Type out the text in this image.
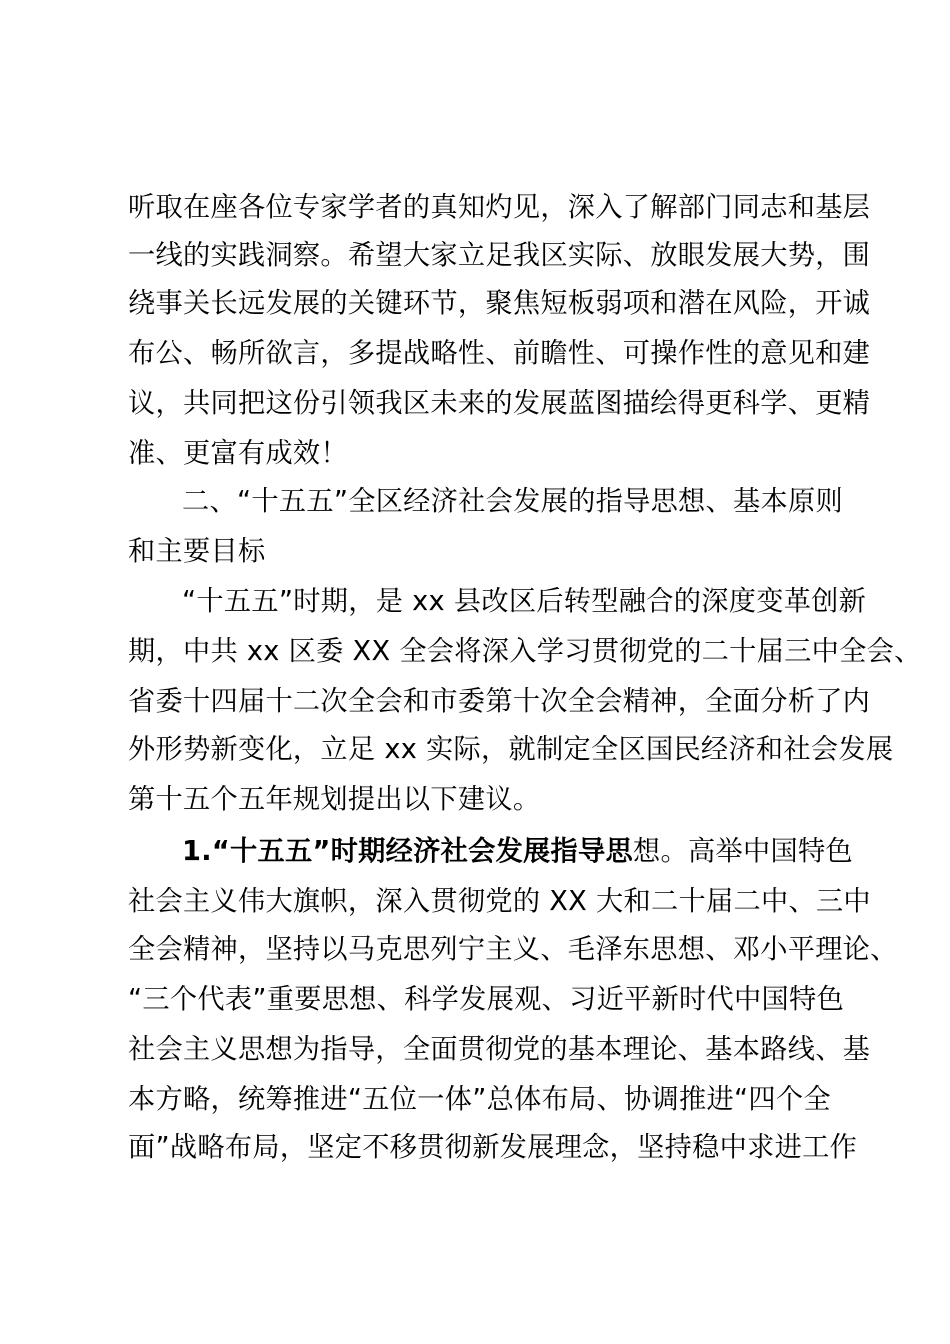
听取在座各位专家学者的真知灼见，深入了解部门同志和基层
一线的实践洞察。希望大家立足我区实际、放眼发展大势，围
绕事关长远发展的关键环节，聚焦短板弱项和潜在风险，开诚
布公、畅所欲言，多提战略性、前瞻性、可操作性的意见和建
议，共同把这份引领我区未来的发展蓝图描绘得更科学、更精
准、更富有成效！
二、“十五五”全区经济社会发展的指导思想、基本原则
和主要目标
“十五五”时期，是 xx 县改区后转型融合的深度变革创新
期，中共 xx 区委 XX 全会将深入学习贯彻党的二十届三中全会、
省委十四届十二次全会和市委第十次全会精神，全面分析了内
外形势新变化，立足 xx 实际，就制定全区国民经济和社会发展
第十五个五年规划提出以下建议。
1.“十五五”时期经济社会发展指导思想。高举中国特色
社会主义伟大旗帜，深入贯彻党的 XX 大和二十届二中、三中
全会精神，坚持以马克思列宁主义、毛泽东思想、邓小平理论、
“三个代表”重要思想、科学发展观、习近平新时代中国特色
社会主义思想为指导，全面贯彻党的基本理论、基本路线、基
本方略，统筹推进“五位一体”总体布局、协调推进“四个全
面”战略布局，坚定不移贯彻新发展理念，坚持稳中求进工作
